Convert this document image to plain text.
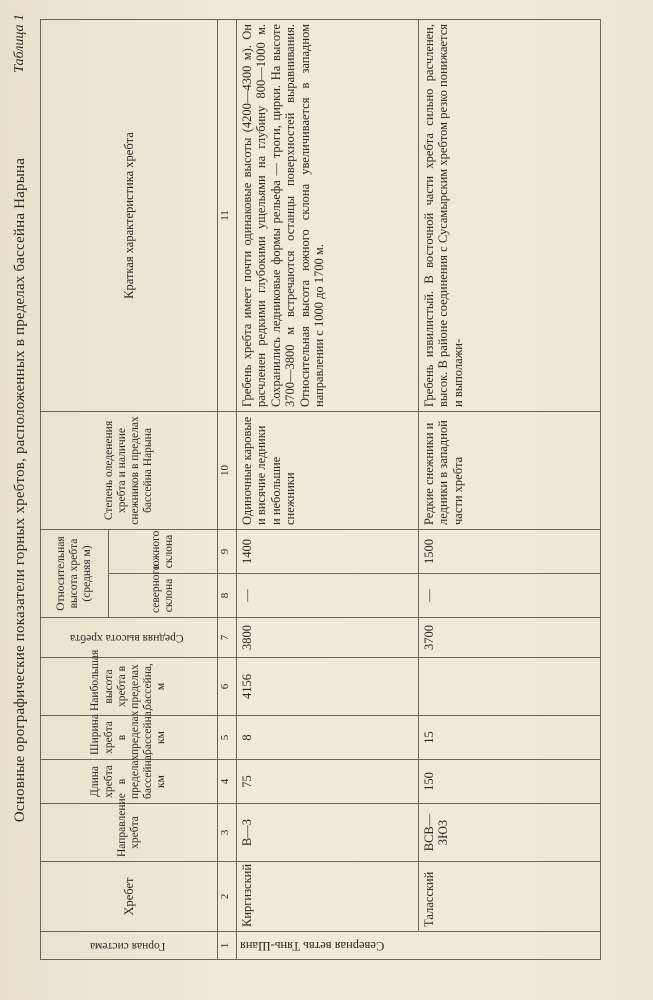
Основные орографические показатели горных хребтов, расположенных в пределах бассейна Нарына
Таблица 1
Горная система	Хребет	Направление хребта	Длина хребта в пределах бассейна, км	Ширина хребта в пределах бассейна, км	Наибольшая высота хребта в пределах бассейна, м	Средняя высота хребта	Относительная высота хребта (средняя м)		Степень оледенения хребта и наличие снежников в пределах бассейна Нарына	Краткая характеристика хребта
							северного склона	южного склона		
1	2	3	4	5	6	7	8	9	10	11
Северная ветвь Тянь-Шаня	Киргизский	В—З	75	8	4156	3800	—	1400	Одиночные каровые и висячие ледники и небольшие снежники	Гребень хребта имеет почти одинаковые высоты (4200—4300 м). Он расчленен редкими глубокими ущельями на глубину 800—1000 м. Сохранились ледниковые формы рельефа — троги, цирки. На высоте 3700—3800 м встречаются останцы поверхностей выравнивания. Относительная высота южного склона увеличивается в западном направлении с 1000 до 1700 м.
	Таласский	ВСВ—ЗЮЗ	150	15		3700	—	1500	Редкие снежники и ледники в западной части хребта	Гребень извилистый. В восточной части хребта сильно расчленен, высок. В районе соединения с Сусамырским хребтом резко понижается и выполажи-
